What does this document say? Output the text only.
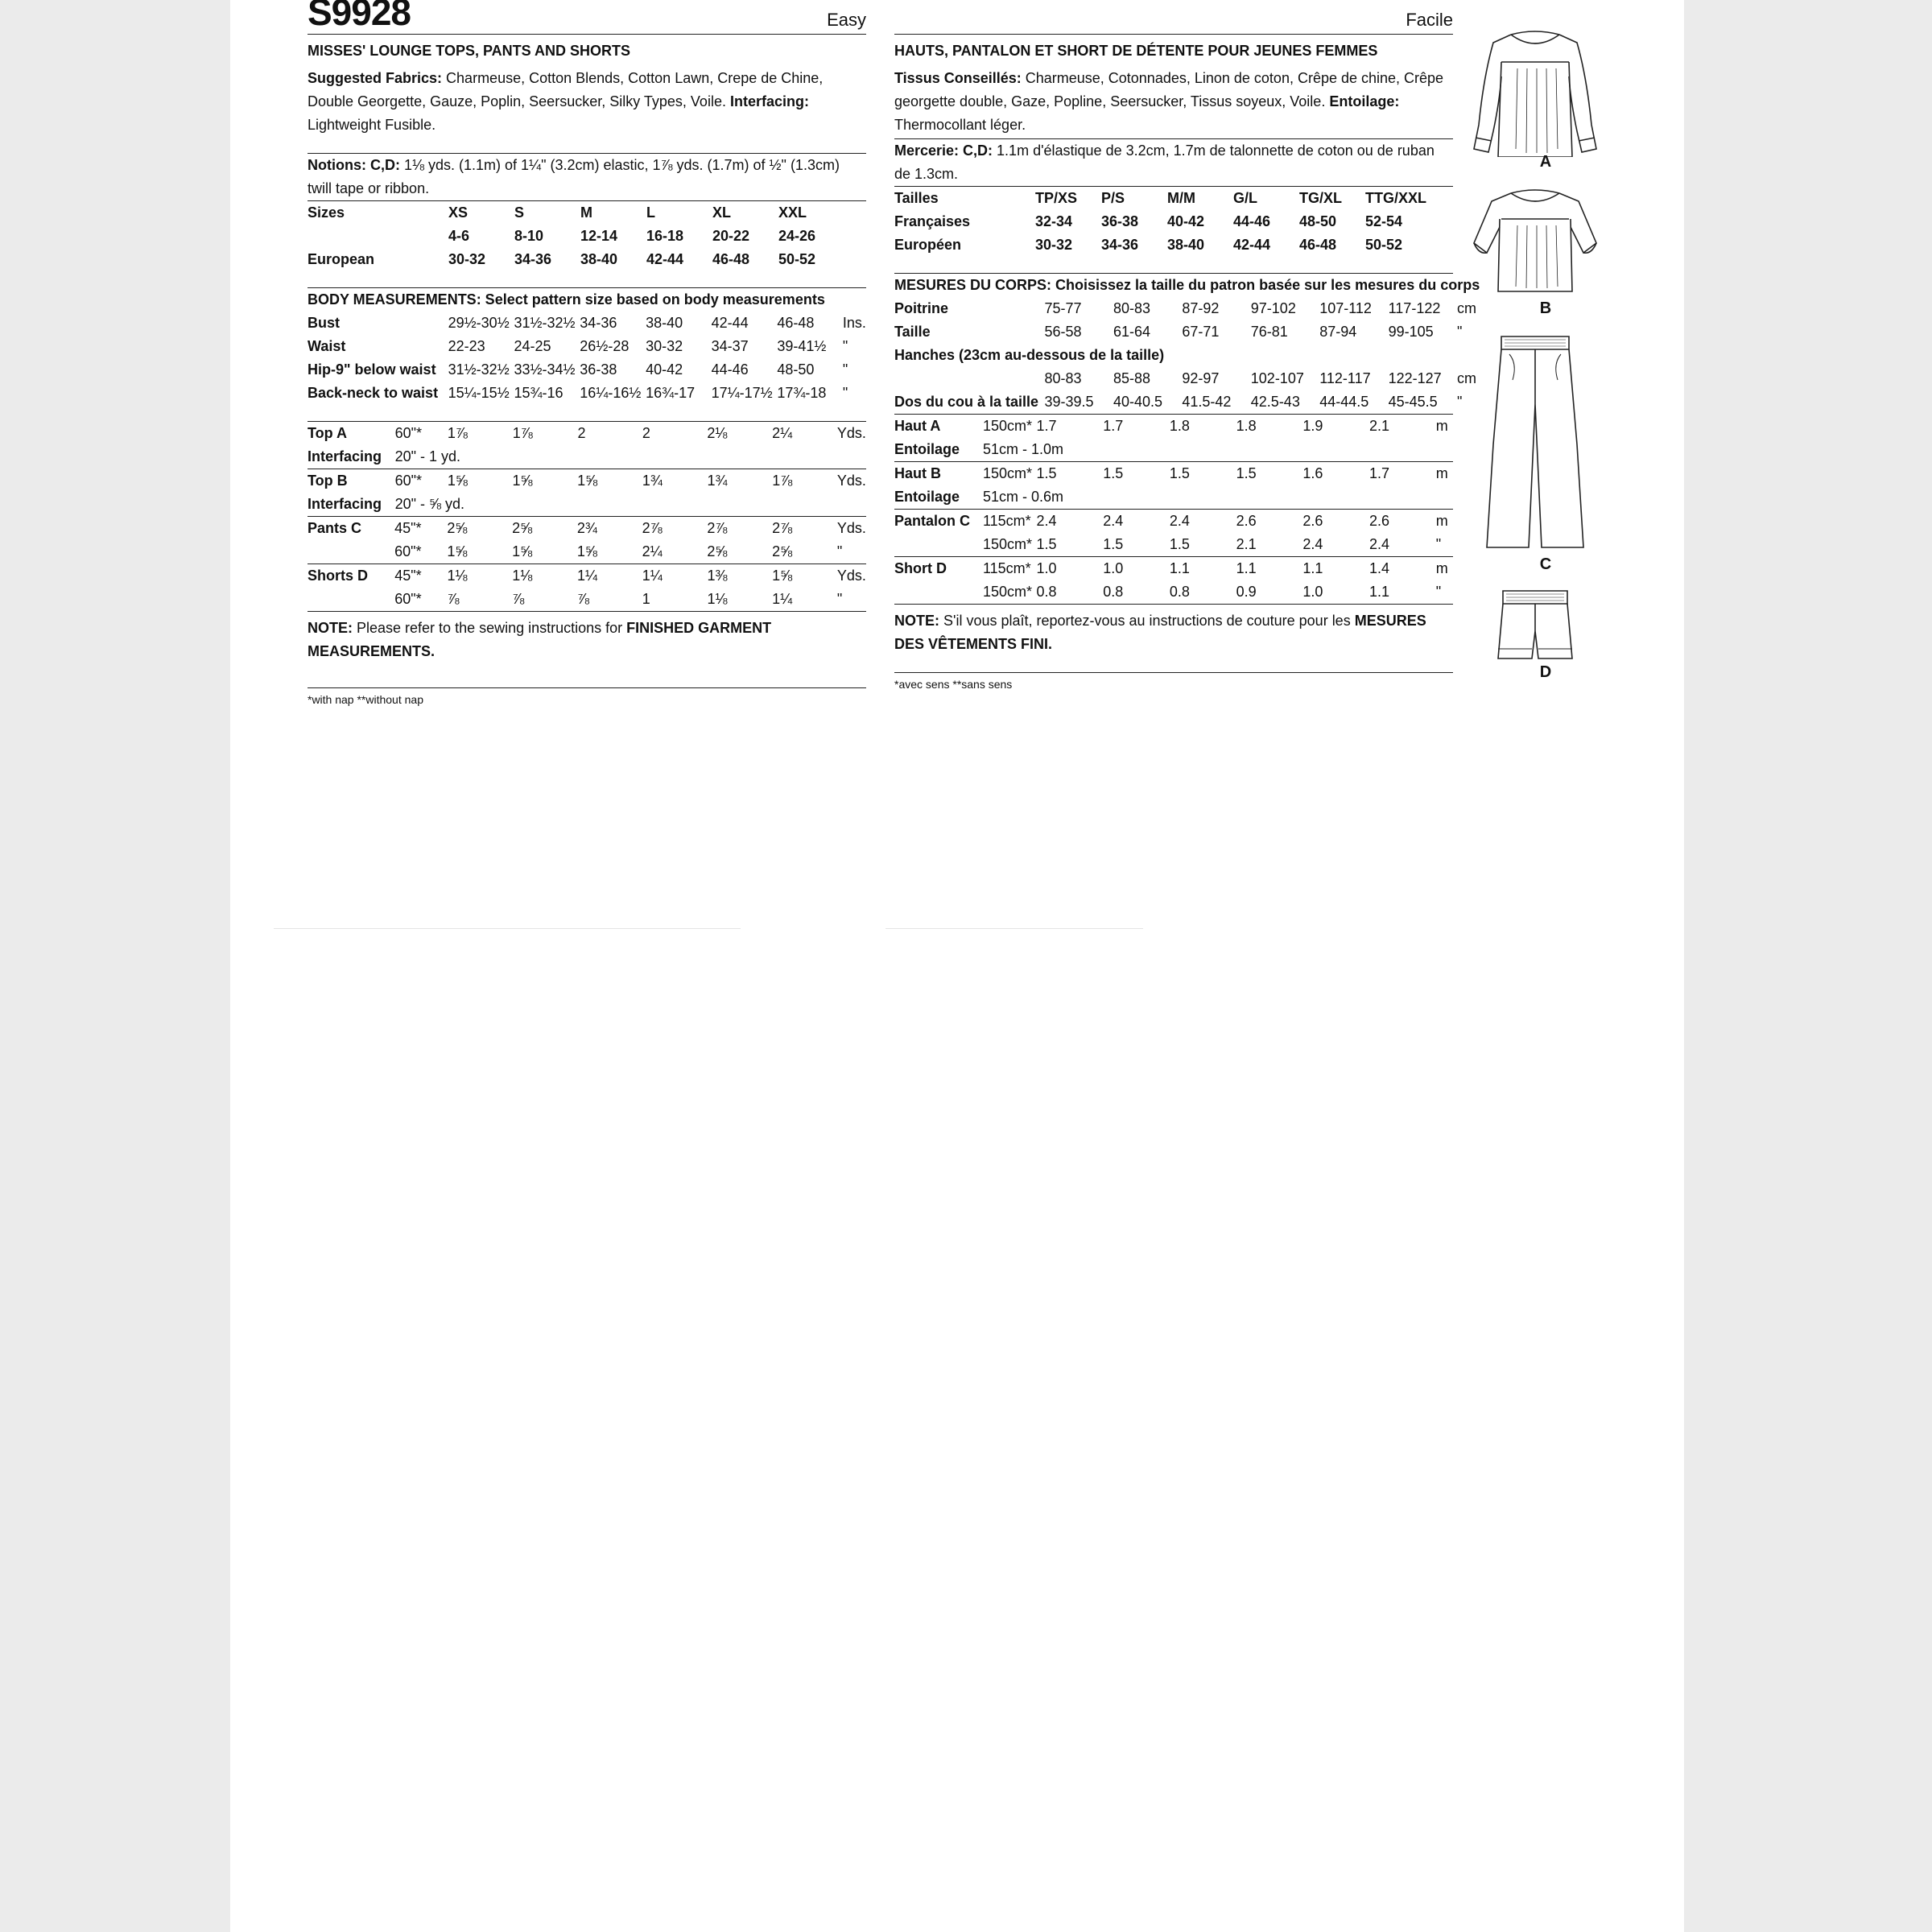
S9928	Easy
MISSES' LOUNGE TOPS, PANTS AND SHORTS

Suggested Fabrics: Charmeuse, Cotton Blends, Cotton Lawn, Crepe de Chine, Double Georgette, Gauze, Poplin, Seersucker, Silky Types, Voile. Interfacing: Lightweight Fusible.

Notions: C,D: 1⅛ yds. (1.1m) of 1¼" (3.2cm) elastic, 1⅞ yds. (1.7m) of ½" (1.3cm) twill tape or ribbon.

Sizes	XS	S	M	L	XL	XXL	
	4-6	8-10	12-14	16-18	20-22	24-26	
European	30-32	34-36	38-40	42-44	46-48	50-52	
BODY MEASUREMENTS: Select pattern size based on body measurements							
Bust	29½-30½	31½-32½	34-36	38-40	42-44	46-48	Ins.
Waist	22-23	24-25	26½-28	30-32	34-37	39-41½	"
Hip-9" below waist	31½-32½	33½-34½	36-38	40-42	44-46	48-50	"
Back-neck to waist	15¼-15½	15¾-16	16¼-16½	16¾-17	17¼-17½	17¾-18	"
Top A	60"*	1⅞	1⅞	2	2	2⅛	2¼	Yds.
Interfacing	20" - 1 yd.							
Top B	60"*	1⅝	1⅝	1⅝	1¾	1¾	1⅞	Yds.
Interfacing	20" - ⅝ yd.							
Pants C	45"*	2⅝	2⅝	2¾	2⅞	2⅞	2⅞	Yds.
	60"*	1⅝	1⅝	1⅝	2¼	2⅝	2⅝	"
Shorts D	45"*	1⅛	1⅛	1¼	1¼	1⅜	1⅝	Yds.
	60"*	⅞	⅞	⅞	1	1⅛	1¼	"
NOTE: Please refer to the sewing instructions for FINISHED GARMENT MEASUREMENTS.
*with nap **without nap
Facile
HAUTS, PANTALON ET SHORT DE DÉTENTE POUR JEUNES FEMMES

Tissus Conseillés: Charmeuse, Cotonnades, Linon de coton, Crêpe de chine, Crêpe georgette double, Gaze, Popline, Seersucker, Tissus soyeux, Voile. Entoilage: Thermocollant léger.

Mercerie: C,D: 1.1m d'élastique de 3.2cm, 1.7m de talonnette de coton ou de ruban de 1.3cm.

Tailles	TP/XS	P/S	M/M	G/L	TG/XL	TTG/XXL	
Françaises	32-34	36-38	40-42	44-46	48-50	52-54	
Européen	30-32	34-36	38-40	42-44	46-48	50-52	
MESURES DU CORPS: Choisissez la taille du patron basée sur les mesures du corps							
Poitrine	75-77	80-83	87-92	97-102	107-112	117-122	cm
Taille	56-58	61-64	67-71	76-81	87-94	99-105	"
Hanches (23cm au-dessous de la taille)							
	80-83	85-88	92-97	102-107	112-117	122-127	cm
Dos du cou à la taille	39-39.5	40-40.5	41.5-42	42.5-43	44-44.5	45-45.5	"
Haut A	150cm*	1.7	1.7	1.8	1.8	1.9	2.1	m
Entoilage	51cm - 1.0m							
Haut B	150cm*	1.5	1.5	1.5	1.5	1.6	1.7	m
Entoilage	51cm - 0.6m							
Pantalon C	115cm*	2.4	2.4	2.4	2.6	2.6	2.6	m
	150cm*	1.5	1.5	1.5	2.1	2.4	2.4	"
Short D	115cm*	1.0	1.0	1.1	1.1	1.1	1.4	m
	150cm*	0.8	0.8	0.8	0.9	1.0	1.1	"
NOTE: S'il vous plaît, reportez-vous au instructions de couture pour les MESURES DES VÊTEMENTS FINI.
*avec sens **sans sens
A
B
C
D
